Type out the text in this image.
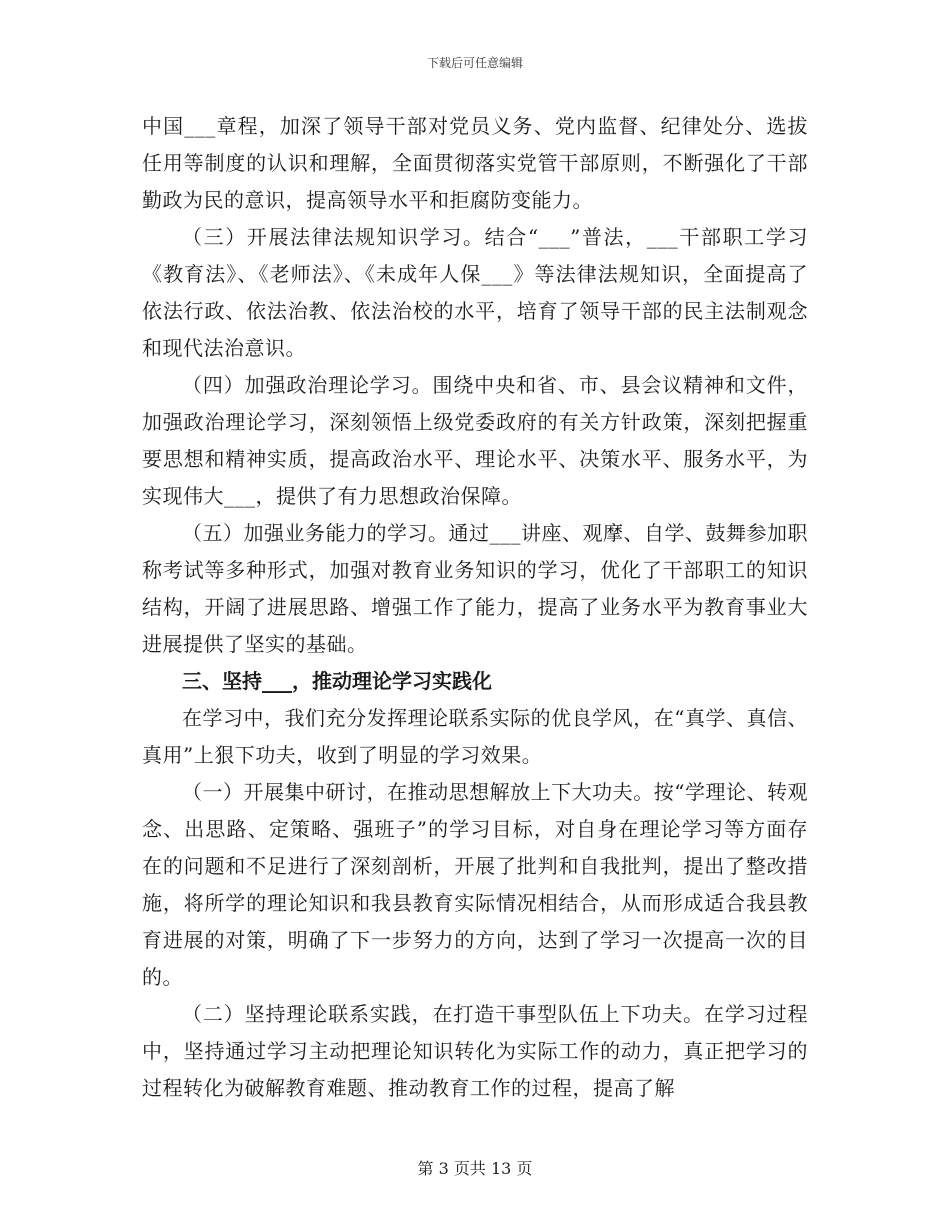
下载后可任意编辑

中国___章程，加深了领导干部对党员义务、党内监督、纪律处分、选拔任用等制度的认识和理解，全面贯彻落实党管干部原则，不断强化了干部勤政为民的意识，提高领导水平和拒腐防变能力。

（三）开展法律法规知识学习。结合“___”普法，___干部职工学习《教育法》、《老师法》、《未成年人保___》等法律法规知识，全面提高了依法行政、依法治教、依法治校的水平，培育了领导干部的民主法制观念和现代法治意识。

（四）加强政治理论学习。围绕中央和省、市、县会议精神和文件，加强政治理论学习，深刻领悟上级党委政府的有关方针政策，深刻把握重要思想和精神实质，提高政治水平、理论水平、决策水平、服务水平，为实现伟大___，提供了有力思想政治保障。

（五）加强业务能力的学习。通过___讲座、观摩、自学、鼓舞参加职称考试等多种形式，加强对教育业务知识的学习，优化了干部职工的知识结构，开阔了进展思路、增强工作了能力，提高了业务水平为教育事业大进展提供了坚实的基础。

三、坚持___，推动理论学习实践化

在学习中，我们充分发挥理论联系实际的优良学风，在“真学、真信、真用”上狠下功夫，收到了明显的学习效果。

（一）开展集中研讨，在推动思想解放上下大功夫。按“学理论、转观念、出思路、定策略、强班子”的学习目标，对自身在理论学习等方面存在的问题和不足进行了深刻剖析，开展了批判和自我批判，提出了整改措施，将所学的理论知识和我县教育实际情况相结合，从而形成适合我县教育进展的对策，明确了下一步努力的方向，达到了学习一次提高一次的目的。

（二）坚持理论联系实践，在打造干事型队伍上下功夫。在学习过程中，坚持通过学习主动把理论知识转化为实际工作的动力，真正把学习的过程转化为破解教育难题、推动教育工作的过程，提高了解

第 3 页共 13 页
